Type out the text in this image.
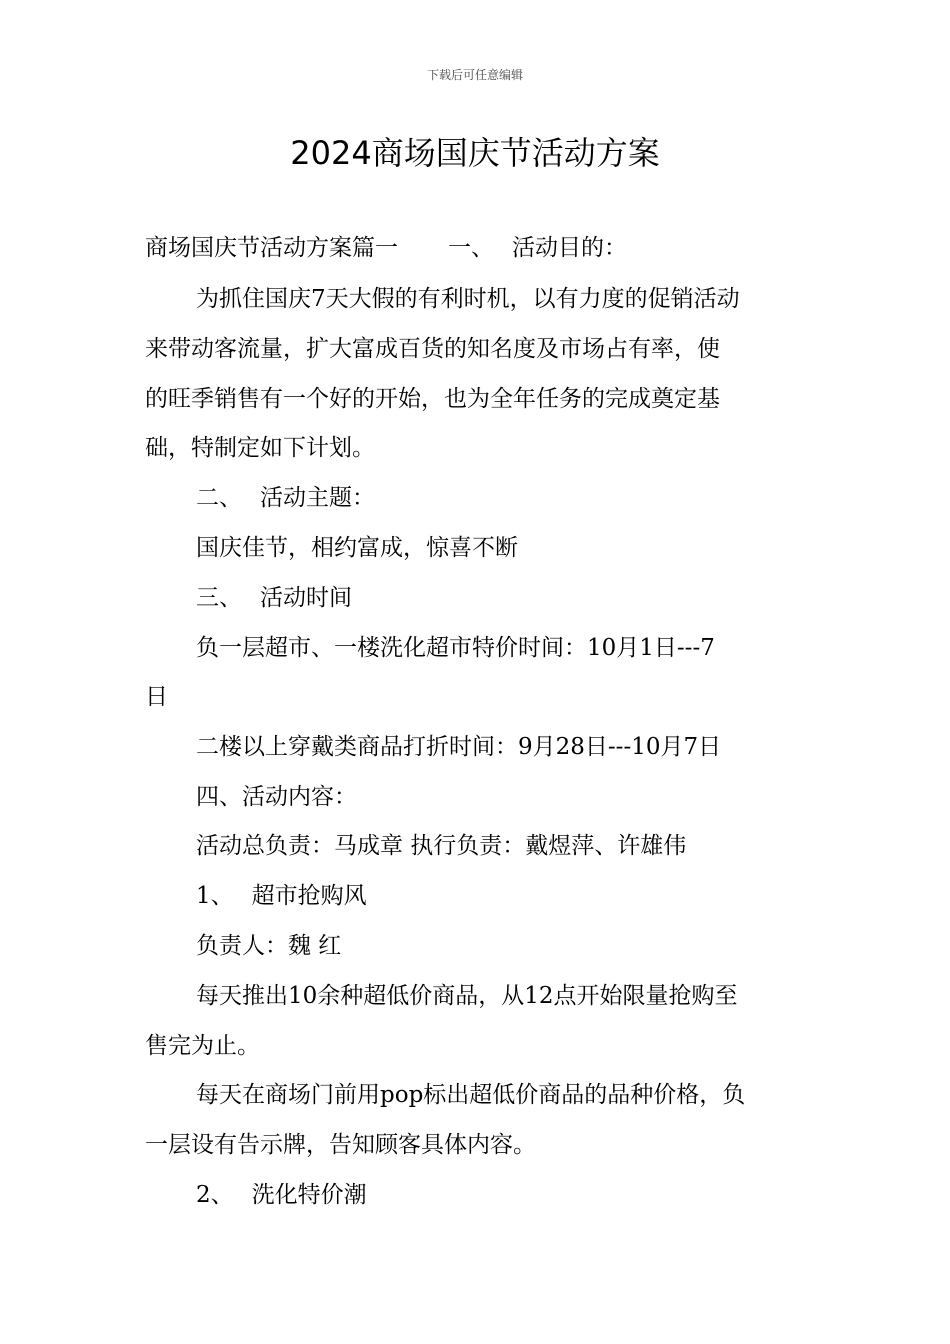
下载后可任意编辑
2024商场国庆节活动方案
商场国庆节活动方案篇一 一、 活动目的：
为抓住国庆7天大假的有利时机，以有力度的促销活动
来带动客流量，扩大富成百货的知名度及市场占有率，使
的旺季销售有一个好的开始，也为全年任务的完成奠定基
础，特制定如下计划。
二、 活动主题：
国庆佳节，相约富成，惊喜不断
三、 活动时间
负一层超市、一楼洗化超市特价时间：10月1日---7
日
二楼以上穿戴类商品打折时间：9月28日---10月7日
四、活动内容：
活动总负责：马成章 执行负责：戴煜萍、许雄伟
1、 超市抢购风
负责人：魏 红
每天推出10余种超低价商品，从12点开始限量抢购至
售完为止。
每天在商场门前用pop标出超低价商品的品种价格，负
一层设有告示牌，告知顾客具体内容。
2、 洗化特价潮
